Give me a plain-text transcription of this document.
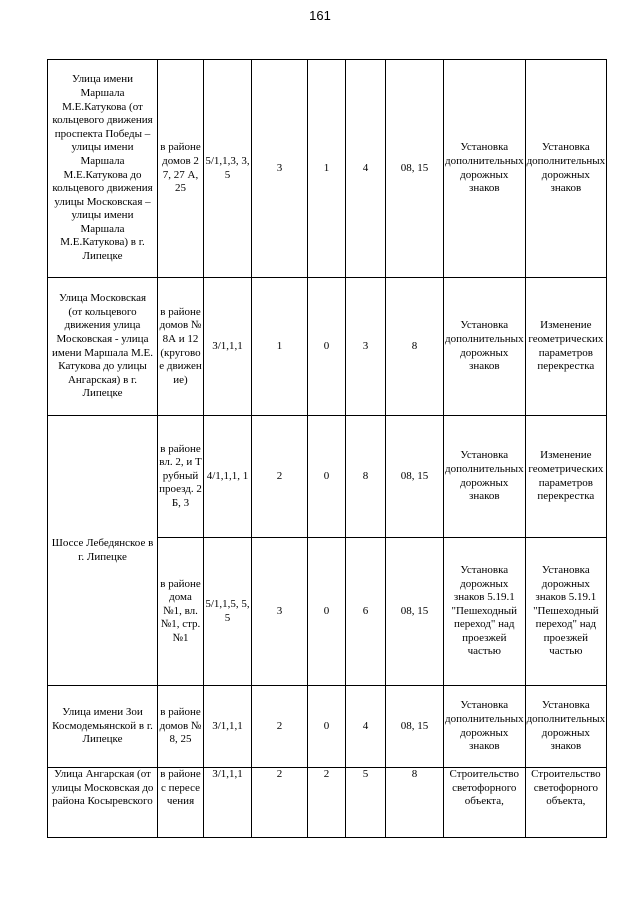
161
Улица имени Маршала М.Е.Катукова (от кольцевого движения проспекта Победы – улицы имени Маршала М.Е.Катукова до кольцевого движения улицы Московская – улицы имени Маршала М.Е.Катукова) в г. Липецке	в районе домов 27, 27 А, 25	5/1,1,3, 3,5	3	1	4	08, 15	Установка дополнительных дорожных знаков	Установка дополнительных дорожных знаков
Улица Московская (от кольцевого движения улица Московская - улица имени Маршала М.Е. Катукова до улицы Ангарская) в г. Липецке	в районе домов № 8А и 12 (круговое движение)	3/1,1,1	1	0	3	8	Установка дополнительных дорожных знаков	Изменение геометрических параметров перекрестка
Шоссе Лебедянское в г. Липецке	в районе вл. 2, и Трубный проезд. 2Б, 3	4/1,1,1, 1	2	0	8	08, 15	Установка дополнительных дорожных знаков	Изменение геометрических параметров перекрестка
	в районе дома №1, вл.№1, стр. №1	5/1,1,5, 5,5	3	0	6	08, 15	Установка дорожных знаков 5.19.1 "Пешеходный переход" над проезжей частью	Установка дорожных знаков 5.19.1 "Пешеходный переход" над проезжей частью
Улица имени Зои Космодемьянской в г. Липецке	в районе домов № 8, 25	3/1,1,1	2	0	4	08, 15	Установка дополнительных дорожных знаков	Установка дополнительных дорожных знаков
Улица Ангарская (от улицы Московская до района Косыревского	в районе с пересечения	3/1,1,1	2	2	5	8	Строительство светофорного объекта,	Строительство светофорного объекта,
